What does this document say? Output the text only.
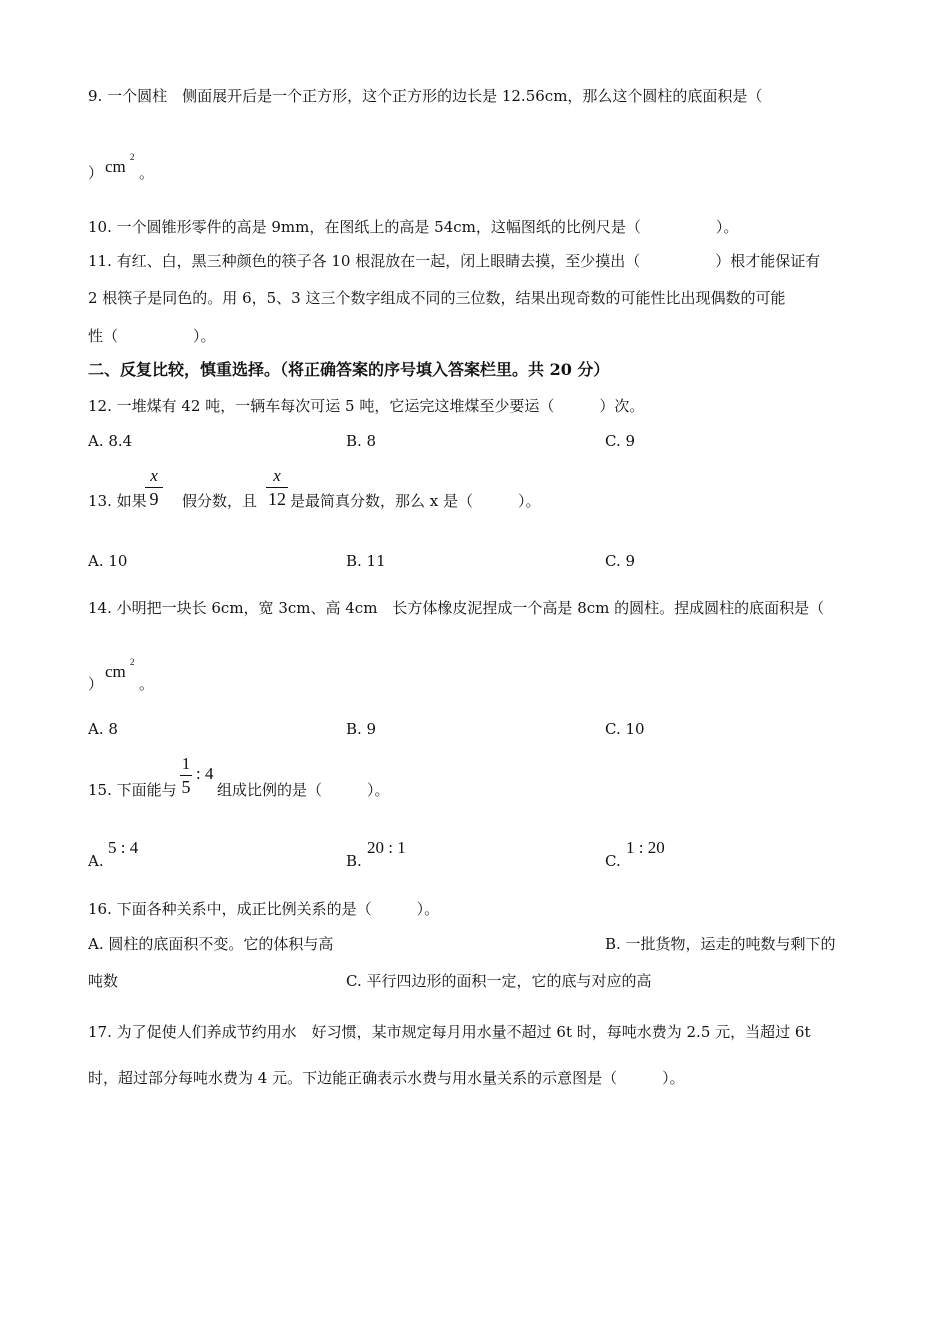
9. 一个圆柱　侧面展开后是一个正方形，这个正方形的边长是 12.56cm，那么这个圆柱的底面积是（
） cm 2
。
10. 一个圆锥形零件的高是 9mm，在图纸上的高是 54cm，这幅图纸的比例尺是（　　　　　）。
11. 有红、白，黑三种颜色的筷子各 10 根混放在一起，闭上眼睛去摸，至少摸出（　　　　　）根才能保证有
2 根筷子是同色的。用 6，5、3 这三个数字组成不同的三位数，结果出现奇数的可能性比出现偶数的可能
性（　　　　　）。
二、反复比较，慎重选择。（将正确答案的序号填入答案栏里。共 20 分）
12. 一堆煤有 42 吨，一辆车每次可运 5 吨，它运完这堆煤至少要运（　　　）次。
A. 8.4	B. 8	C. 9
13. 如果
x
9	假分数，且
x
12 是最简真分数，那么 x 是（　　　）。
A. 10	B. 11	C. 9
14. 小明把一块长 6cm，宽 3cm、高 4cm　长方体橡皮泥捏成一个高是 8cm 的圆柱。捏成圆柱的底面积是（
）
cm 2
。
A. 8	B. 9	C. 10
15. 下面能与
1
5
: 4
组成比例的是（　　　）。
A.
5 : 4
B.
20 : 1
C.
1 : 20
16. 下面各种关系中，成正比例关系的是（　　　）。
A. 圆柱的底面积不变。它的体积与高	B. 一批货物，运走的吨数与剩下的
吨数	C. 平行四边形的面积一定，它的底与对应的高
17. 为了促使人们养成节约用水　好习惯，某市规定每月用水量不超过 6t 时，每吨水费为 2.5 元，当超过 6t
时，超过部分每吨水费为 4 元。下边能正确表示水费与用水量关系的示意图是（　　　）。
